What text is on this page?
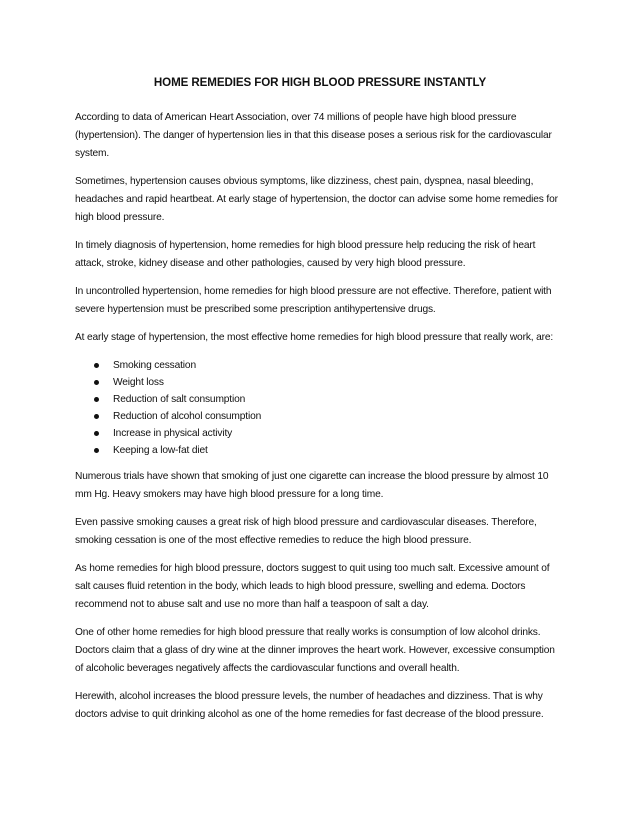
HOME REMEDIES FOR HIGH BLOOD PRESSURE INSTANTLY

According to data of American Heart Association, over 74 millions of people have high blood pressure (hypertension). The danger of hypertension lies in that this disease poses a serious risk for the cardiovascular system.

Sometimes, hypertension causes obvious symptoms, like dizziness, chest pain, dyspnea, nasal bleeding, headaches and rapid heartbeat. At early stage of hypertension, the doctor can advise some home remedies for high blood pressure.

In timely diagnosis of hypertension, home remedies for high blood pressure help reducing the risk of heart attack, stroke, kidney disease and other pathologies, caused by very high blood pressure.

In uncontrolled hypertension, home remedies for high blood pressure are not effective. Therefore, patient with severe hypertension must be prescribed some prescription antihypertensive drugs.

At early stage of hypertension, the most effective home remedies for high blood pressure that really work, are:

Smoking cessation
Weight loss
Reduction of salt consumption
Reduction of alcohol consumption
Increase in physical activity
Keeping a low-fat diet

Numerous trials have shown that smoking of just one cigarette can increase the blood pressure by almost 10 mm Hg. Heavy smokers may have high blood pressure for a long time.

Even passive smoking causes a great risk of high blood pressure and cardiovascular diseases. Therefore, smoking cessation is one of the most effective remedies to reduce the high blood pressure.

As home remedies for high blood pressure, doctors suggest to quit using too much salt. Excessive amount of salt causes fluid retention in the body, which leads to high blood pressure, swelling and edema. Doctors recommend not to abuse salt and use no more than half a teaspoon of salt a day.

One of other home remedies for high blood pressure that really works is consumption of low alcohol drinks. Doctors claim that a glass of dry wine at the dinner improves the heart work. However, excessive consumption of alcoholic beverages negatively affects the cardiovascular functions and overall health.

Herewith, alcohol increases the blood pressure levels, the number of headaches and dizziness. That is why doctors advise to quit drinking alcohol as one of the home remedies for fast decrease of the blood pressure.
